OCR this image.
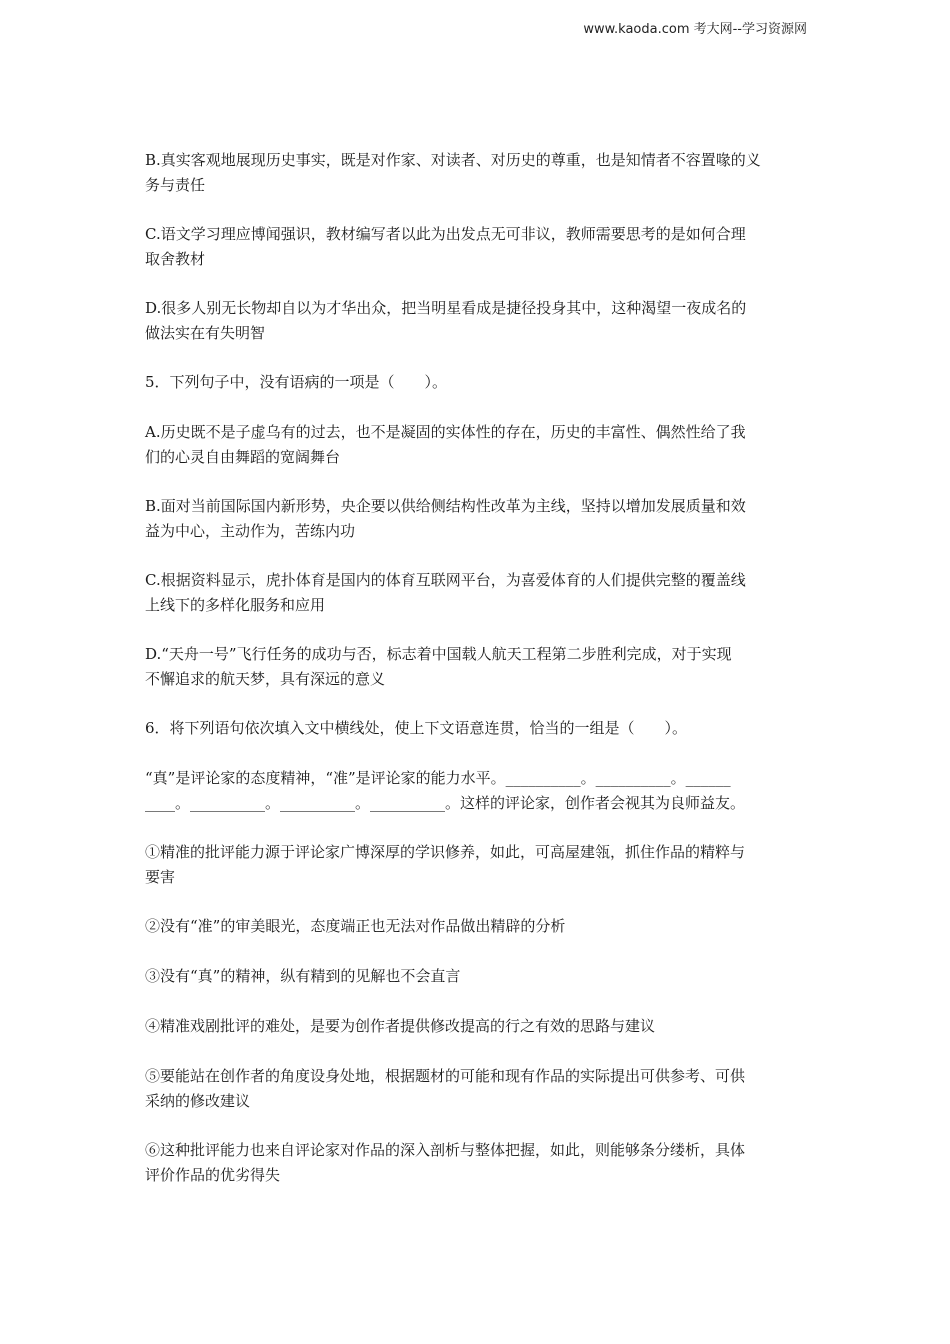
www.kaoda.com 考大网--学习资源网

B.真实客观地展现历史事实，既是对作家、对读者、对历史的尊重，也是知情者不容置喙的义
务与责任

C.语文学习理应博闻强识，教材编写者以此为出发点无可非议，教师需要思考的是如何合理
取舍教材

D.很多人别无长物却自以为才华出众，把当明星看成是捷径投身其中，这种渴望一夜成名的
做法实在有失明智

5．下列句子中，没有语病的一项是（　　）。

A.历史既不是子虚乌有的过去，也不是凝固的实体性的存在，历史的丰富性、偶然性给了我
们的心灵自由舞蹈的宽阔舞台

B.面对当前国际国内新形势，央企要以供给侧结构性改革为主线，坚持以增加发展质量和效
益为中心，主动作为，苦练内功

C.根据资料显示，虎扑体育是国内的体育互联网平台，为喜爱体育的人们提供完整的覆盖线
上线下的多样化服务和应用

D.“天舟一号”飞行任务的成功与否，标志着中国载人航天工程第二步胜利完成，对于实现
不懈追求的航天梦，具有深远的意义

6．将下列语句依次填入文中横线处，使上下文语意连贯，恰当的一组是（　　）。

“真”是评论家的态度精神，“准”是评论家的能力水平。__________。__________。______
____。__________。__________。__________。这样的评论家，创作者会视其为良师益友。

①精准的批评能力源于评论家广博深厚的学识修养，如此，可高屋建瓴，抓住作品的精粹与
要害

②没有“准”的审美眼光，态度端正也无法对作品做出精辟的分析

③没有“真”的精神，纵有精到的见解也不会直言

④精准戏剧批评的难处，是要为创作者提供修改提高的行之有效的思路与建议

⑤要能站在创作者的角度设身处地，根据题材的可能和现有作品的实际提出可供参考、可供
采纳的修改建议

⑥这种批评能力也来自评论家对作品的深入剖析与整体把握，如此，则能够条分缕析，具体
评价作品的优劣得失
